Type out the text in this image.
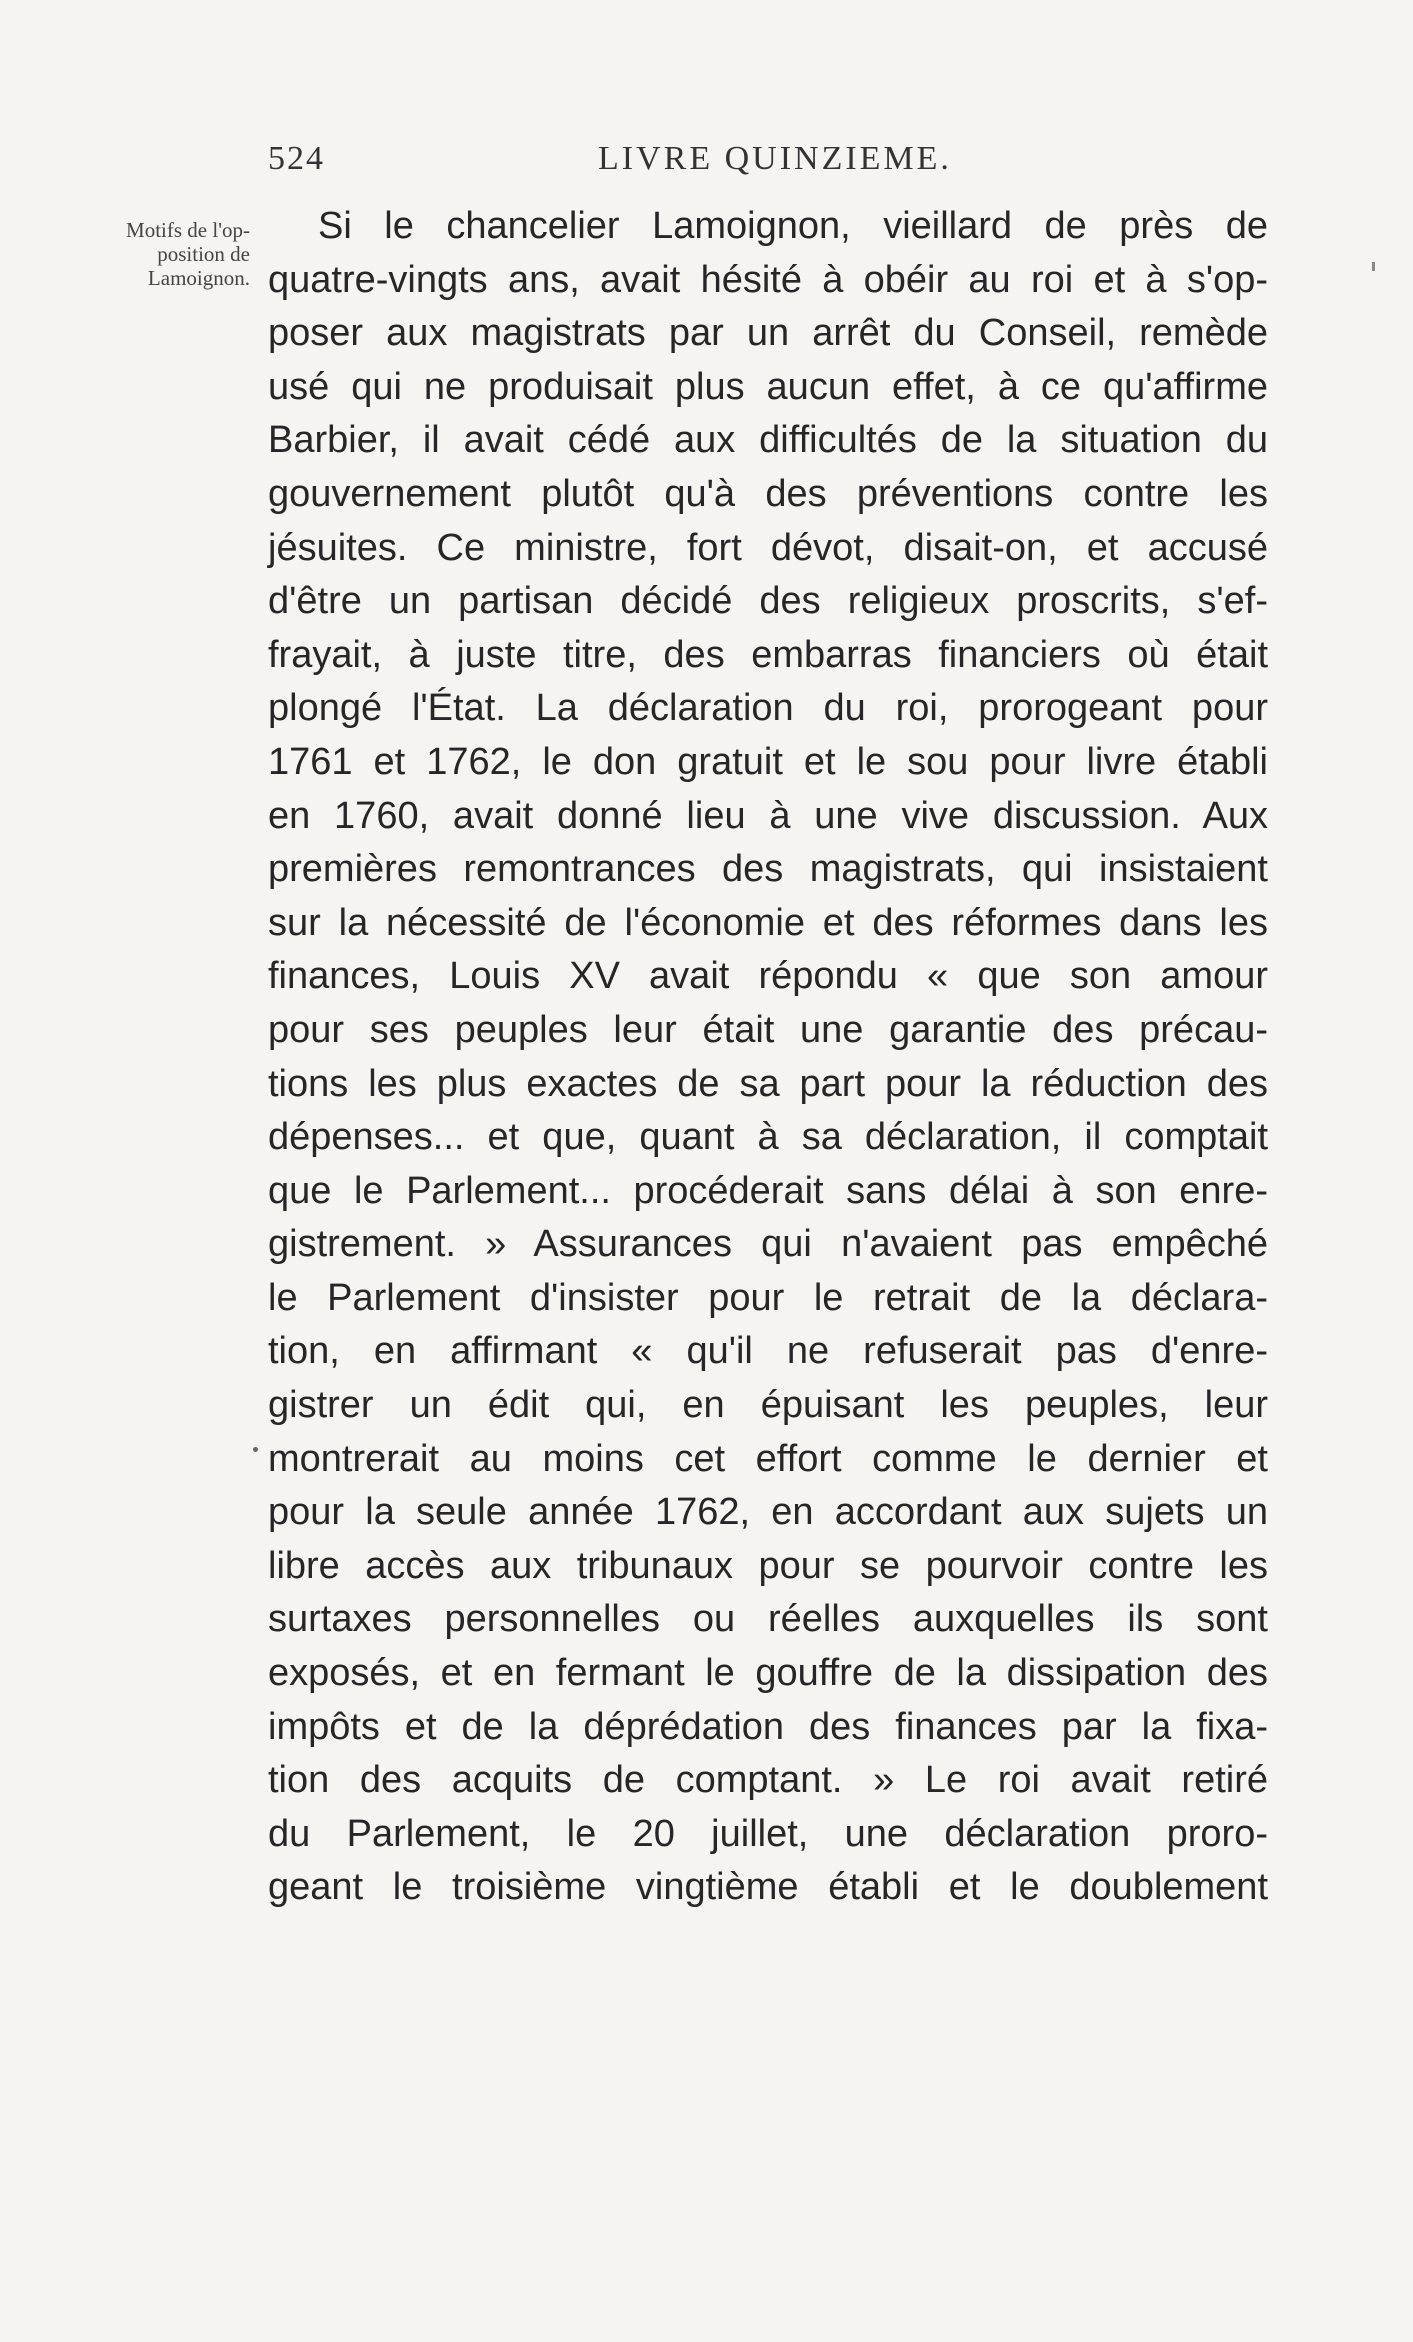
524	LIVRE QUINZIEME.
Motifs de l'op-
position de
Lamoignon.
Si le chancelier Lamoignon, vieillard de près de
quatre-vingts ans, avait hésité à obéir au roi et à s'op-
poser aux magistrats par un arrêt du Conseil, remède
usé qui ne produisait plus aucun effet, à ce qu'affirme
Barbier, il avait cédé aux difficultés de la situation du
gouvernement plutôt qu'à des préventions contre les
jésuites. Ce ministre, fort dévot, disait-on, et accusé
d'être un partisan décidé des religieux proscrits, s'ef-
frayait, à juste titre, des embarras financiers où était
plongé l'État. La déclaration du roi, prorogeant pour
1761 et 1762, le don gratuit et le sou pour livre établi
en 1760, avait donné lieu à une vive discussion. Aux
premières remontrances des magistrats, qui insistaient
sur la nécessité de l'économie et des réformes dans les
finances, Louis XV avait répondu « que son amour
pour ses peuples leur était une garantie des précau-
tions les plus exactes de sa part pour la réduction des
dépenses... et que, quant à sa déclaration, il comptait
que le Parlement... procéderait sans délai à son enre-
gistrement. » Assurances qui n'avaient pas empêché
le Parlement d'insister pour le retrait de la déclara-
tion, en affirmant « qu'il ne refuserait pas d'enre-
gistrer un édit qui, en épuisant les peuples, leur
montrerait au moins cet effort comme le dernier et
pour la seule année 1762, en accordant aux sujets un
libre accès aux tribunaux pour se pourvoir contre les
surtaxes personnelles ou réelles auxquelles ils sont
exposés, et en fermant le gouffre de la dissipation des
impôts et de la déprédation des finances par la fixa-
tion des acquits de comptant. » Le roi avait retiré
du Parlement, le 20 juillet, une déclaration proro-
geant le troisième vingtième établi et le doublement
